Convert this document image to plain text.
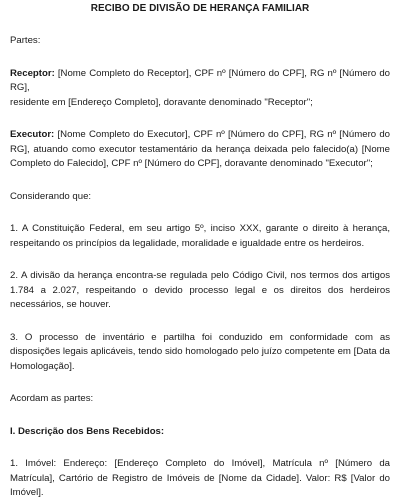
RECIBO DE DIVISÃO DE HERANÇA FAMILIAR

Partes:

Receptor: [Nome Completo do Receptor], CPF nº [Número do CPF], RG nº [Número do RG],
residente em [Endereço Completo], doravante denominado "Receptor";

Executor: [Nome Completo do Executor], CPF nº [Número do CPF], RG nº [Número do RG], atuando como executor testamentário da herança deixada pelo falecido(a) [Nome Completo do Falecido], CPF nº [Número do CPF], doravante denominado "Executor";

Considerando que:

1. A Constituição Federal, em seu artigo 5º, inciso XXX, garante o direito à herança, respeitando os princípios da legalidade, moralidade e igualdade entre os herdeiros.

2. A divisão da herança encontra-se regulada pelo Código Civil, nos termos dos artigos 1.784 a 2.027, respeitando o devido processo legal e os direitos dos herdeiros necessários, se houver.

3. O processo de inventário e partilha foi conduzido em conformidade com as disposições legais aplicáveis, tendo sido homologado pelo juízo competente em [Data da Homologação].

Acordam as partes:

I. Descrição dos Bens Recebidos:

1. Imóvel: Endereço: [Endereço Completo do Imóvel], Matrícula nº [Número da Matrícula], Cartório de Registro de Imóveis de [Nome da Cidade]. Valor: R$ [Valor do Imóvel].
